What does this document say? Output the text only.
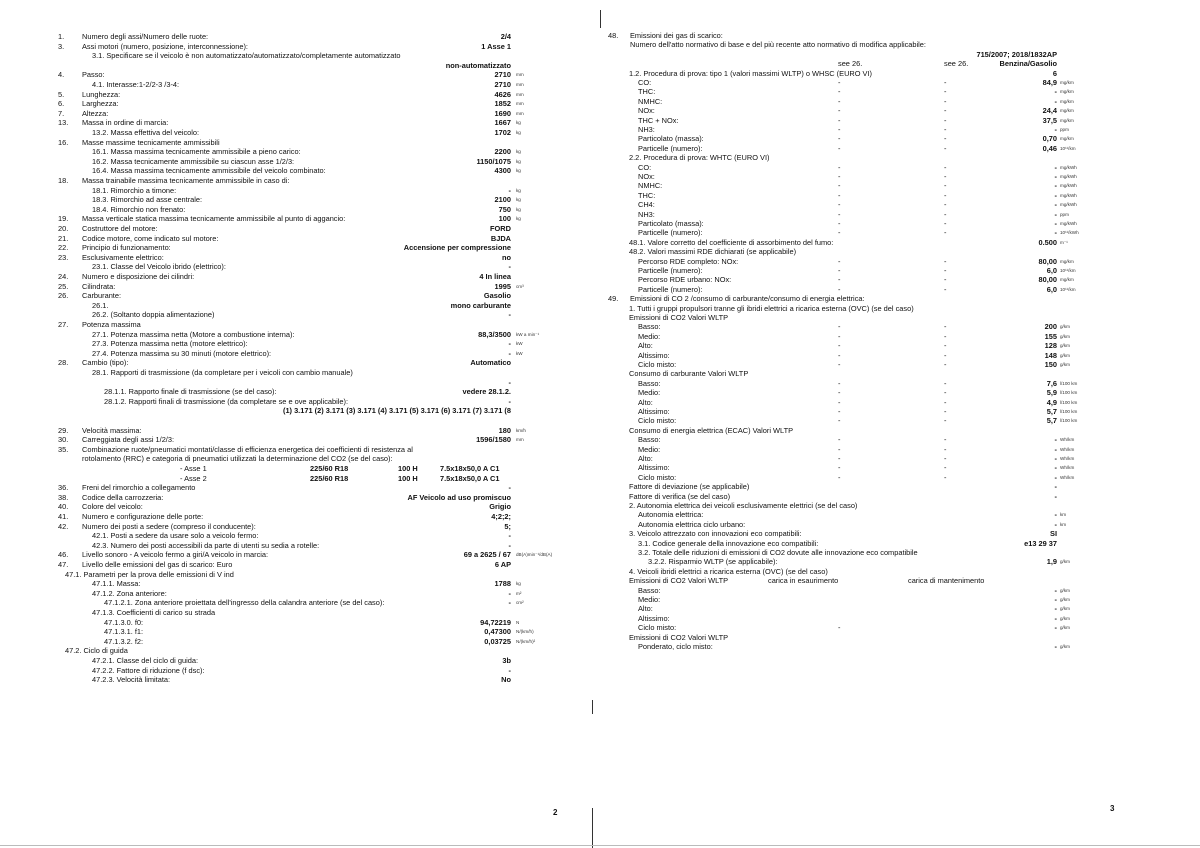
1. Numero degli assi/Numero delle ruote:	2/4
3. Assi motori (numero, posizione, interconnessione):	1 Asse 1
3.1. Specificare se il veicolo è non automatizzato/automatizzato/completamente automatizzato
non-automatizzato
4. Passo:	2710 mm
4.1. Interasse:1-2/2-3 /3-4:	2710 mm
5. Lunghezza:	4626 mm
6. Larghezza:	1852 mm
7. Altezza:	1690 mm
13. Massa in ordine di marcia:	1667 kg
13.2. Massa effettiva del veicolo:	1702 kg
16. Masse massime tecnicamente ammissibili
16.1. Massa massima tecnicamente ammissibile a pieno carico:	2200 kg
16.2. Massa tecnicamente ammissibile su ciascun asse 1/2/3:	1150/1075 kg
16.4. Massa massima tecnicamente ammissibile del veicolo combinato:	4300 kg
18. Massa trainabile massima tecnicamente ammissibile in caso di:
18.1. Rimorchio a timone:	- kg
18.3. Rimorchio ad asse centrale:	2100 kg
18.4. Rimorchio non frenato:	750 kg
19. Massa verticale statica massima tecnicamente ammissibile al punto di aggancio:	100 kg
20. Costruttore del motore:	FORD
21. Codice motore, come indicato sul motore:	BJDA
22. Principio di funzionamento:	Accensione per compressione
23. Esclusivamente elettrico:	no
23.1. Classe del Veicolo ibrido (elettrico):	-
24. Numero e disposizione dei cilindri:	4 In linea
25. Cilindrata:	1995 cm³
26. Carburante:	Gasolio
26.1.	mono carburante
26.2. (Soltanto doppia alimentazione)	-
27. Potenza massima
27.1. Potenza massima netta (Motore a combustione interna):	88,3/3500 kW a min⁻¹
27.3. Potenza massima netta (motore elettrico):	- kW
27.4. Potenza massima su 30 minuti (motore elettrico):	- kW
28. Cambio (tipo):	Automatico
28.1. Rapporti di trasmissione (da completare per i veicoli con cambio manuale)
-
28.1.1. Rapporto finale di trasmissione (se del caso):	vedere 28.1.2.
28.1.2. Rapporti finali di trasmissione (da completare se e ove applicabile):	-
(1) 3.171 (2) 3.171 (3) 3.171 (4) 3.171 (5) 3.171 (6) 3.171 (7) 3.171 (8
29. Velocità massima:	180 km/h
30. Carreggiata degli assi 1/2/3:	1596/1580 mm
35. Combinazione ruote/pneumatici montati/classe di efficienza energetica dei coefficienti di resistenza al
rotolamento (RRC) e categoria di pneumatici utilizzati la determinazione del CO2 (se del caso):
- Asse 1	225/60 R18	100 H	7.5x18x50,0 A C1
- Asse 2	225/60 R18	100 H	7.5x18x50,0 A C1
36. Freni del rimorchio a collegamento	-
38. Codice della carrozzeria:	AF Veicolo ad uso promiscuo
40. Colore del veicolo:	Grigio
41. Numero e configurazione delle porte:	4;2;2;
42. Numero dei posti a sedere (compreso il conducente):	5;
42.1. Posti a sedere da usare solo a veicolo fermo:	-
42.3. Numero dei posti accessibili da parte di utenti su sedia a rotelle:	-
46. Livello sonoro - A veicolo fermo a giri/A veicolo in marcia:	69 a 2625 / 67 dB(A)min⁻¹/dB(A)
47. Livello delle emissioni del gas di scarico: Euro	6 AP
47.1. Parametri per la prova delle emissioni di V ind
47.1.1. Massa:	1788 kg
47.1.2. Zona anteriore:	- m²
47.1.2.1. Zona anteriore proiettata dell'ingresso della calandra anteriore (se del caso):	- cm²
47.1.3. Coefficienti di carico su strada
47.1.3.0. f0:	94,72219 N
47.1.3.1. f1:	0,47300 N/(km/h)
47.1.3.2. f2:	0,03725 N/(km/h)²
47.2. Ciclo di guida
47.2.1. Classe del ciclo di guida:	3b
47.2.2. Fattore di riduzione (f dsc):	-
47.2.3. Velocità limitata:	No
48. Emissioni dei gas di scarico:
Numero dell'atto normativo di base e del più recente atto normativo di modifica applicabile:
715/2007; 2018/1832AP
see 26.	see 26.	Benzina/Gasolio
1.2. Procedura di prova: tipo 1 (valori massimi WLTP) o WHSC (EURO VI)	6
CO:	-	-	84,9 mg/km
THC:	-	-	- mg/km
NMHC:	-	-	- mg/km
NOx:	-	-	24,4 mg/km
THC + NOx:	-	-	37,5 mg/km
NH3:	-	-	- ppm
Particolato (massa):	-	-	0,70 mg/km
Particelle (numero):	-	-	0,46 10¹¹/km
2.2. Procedura di prova: WHTC (EURO VI)
CO:	-	-	- mg/kWh
NOx:	-	-	- mg/kWh
NMHC:	-	-	- mg/kWh
THC:	-	-	- mg/kWh
CH4:	-	-	- mg/kWh
NH3:	-	-	- ppm
Particolato (massa):	-	-	- mg/kWh
Particelle (numero):	-	-	- 10¹¹/kWh
48.1. Valore corretto del coefficiente di assorbimento del fumo:	0.500 m⁻¹
48.2. Valori massimi RDE dichiarati (se applicabile)
Percorso RDE completo: NOx:	-	-	80,00 mg/km
Particelle (numero):	-	-	6,0 10¹¹/km
Percorso RDE urbano: NOx:	-	-	80,00 mg/km
Particelle (numero):	-	-	6,0 10¹¹/km
49. Emissioni di CO 2 /consumo di carburante/consumo di energia elettrica:
1. Tutti i gruppi propulsori tranne gli ibridi elettrici a ricarica esterna (OVC) (se del caso)
Emissioni di CO2 Valori WLTP
Basso:	-	-	200 g/km
Medio:	-	-	155 g/km
Alto:	-	-	128 g/km
Altissimo:	-	-	148 g/km
Ciclo misto:	-	-	150 g/km
Consumo di carburante Valori WLTP
Basso:	-	-	7,6 l/100 km
Medio:	-	-	5,9 l/100 km
Alto:	-	-	4,9 l/100 km
Altissimo:	-	-	5,7 l/100 km
Ciclo misto:	-	-	5,7 l/100 km
Consumo di energia elettrica (ECAC) Valori WLTP
Basso:	-	-	- Wh/km
Medio:	-	-	- Wh/km
Alto:	-	-	- Wh/km
Altissimo:	-	-	- Wh/km
Ciclo misto:	-	-	- Wh/km
Fattore di deviazione (se applicabile)	-
Fattore di verifica (se del caso)	-
2. Autonomia elettrica dei veicoli esclusivamente elettrici (se del caso)
Autonomia elettrica:	- km
Autonomia elettrica ciclo urbano:	- km
3. Veicolo attrezzato con innovazioni eco compatibili:	SI
3.1. Codice generale della innovazione eco compatibili:	e13 29 37
3.2. Totale delle riduzioni di emissioni di CO2 dovute alle innovazione eco compatibile
3.2.2. Risparmio WLTP (se applicabile):	1,9 g/km
4. Veicoli ibridi elettrici a ricarica esterna (OVC) (se del caso)
Emissioni di CO2 Valori WLTP	carica in esaurimento	carica di mantenimento
Basso:	- g/km
Medio:	- g/km
Alto:	- g/km
Altissimo:	- g/km
Ciclo misto:	-	- g/km
Emissioni di CO2 Valori WLTP
Ponderato, ciclo misto:	- g/km
2	3
